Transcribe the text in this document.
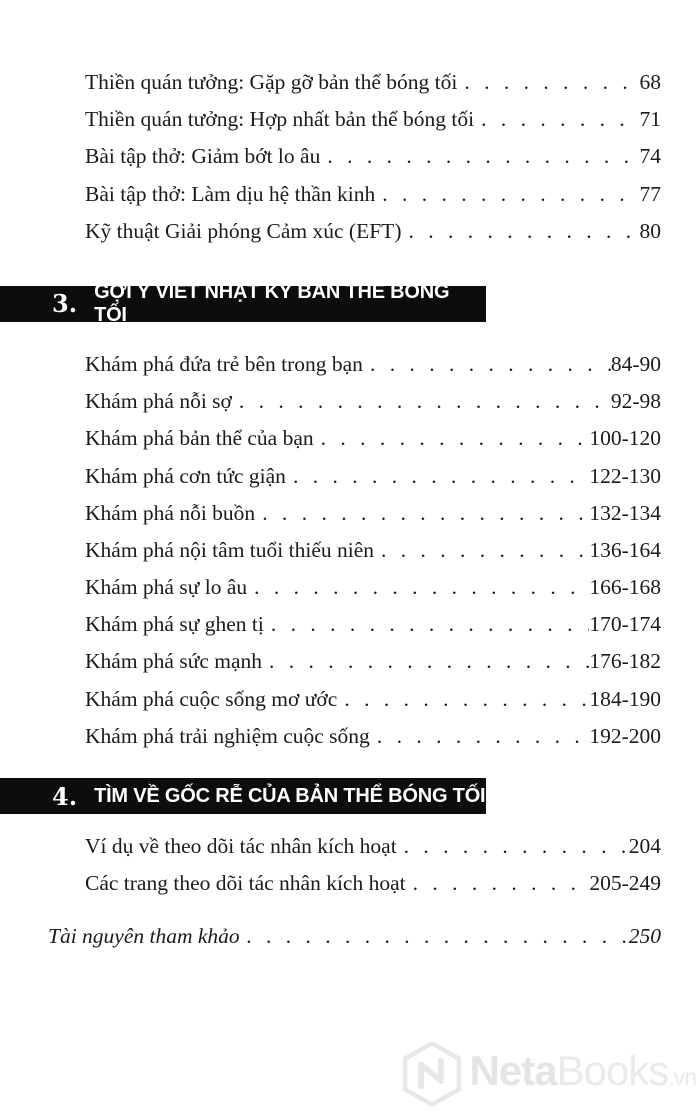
Thiền quán tưởng: Gặp gỡ bản thể bóng tối . . .	68
Thiền quán tưởng: Hợp nhất bản thể bóng tối . . .	71
Bài tập thở: Giảm bớt lo âu . . .	74
Bài tập thở: Làm dịu hệ thần kinh . . .	77
Kỹ thuật Giải phóng Cảm xúc (EFT) . . .	80
3. GỢI Ý VIẾT NHẬT KÝ BẢN THỂ BÓNG TỐI
Khám phá đứa trẻ bên trong bạn . . .	84-90
Khám phá nỗi sợ . . .	92-98
Khám phá bản thể của bạn . . .	100-120
Khám phá cơn tức giận . . .	122-130
Khám phá nỗi buồn . . .	132-134
Khám phá nội tâm tuổi thiếu niên . . .	136-164
Khám phá sự lo âu . . .	166-168
Khám phá sự ghen tị . . .	170-174
Khám phá sức mạnh . . .	176-182
Khám phá cuộc sống mơ ước . . .	184-190
Khám phá trải nghiệm cuộc sống . . .	192-200
4. TÌM VỀ GỐC RỄ CỦA BẢN THỂ BÓNG TỐI
Ví dụ về theo dõi tác nhân kích hoạt . . .	204
Các trang theo dõi tác nhân kích hoạt . . .	205-249
Tài nguyên tham khảo . . .	250
NetaBooks.vn
